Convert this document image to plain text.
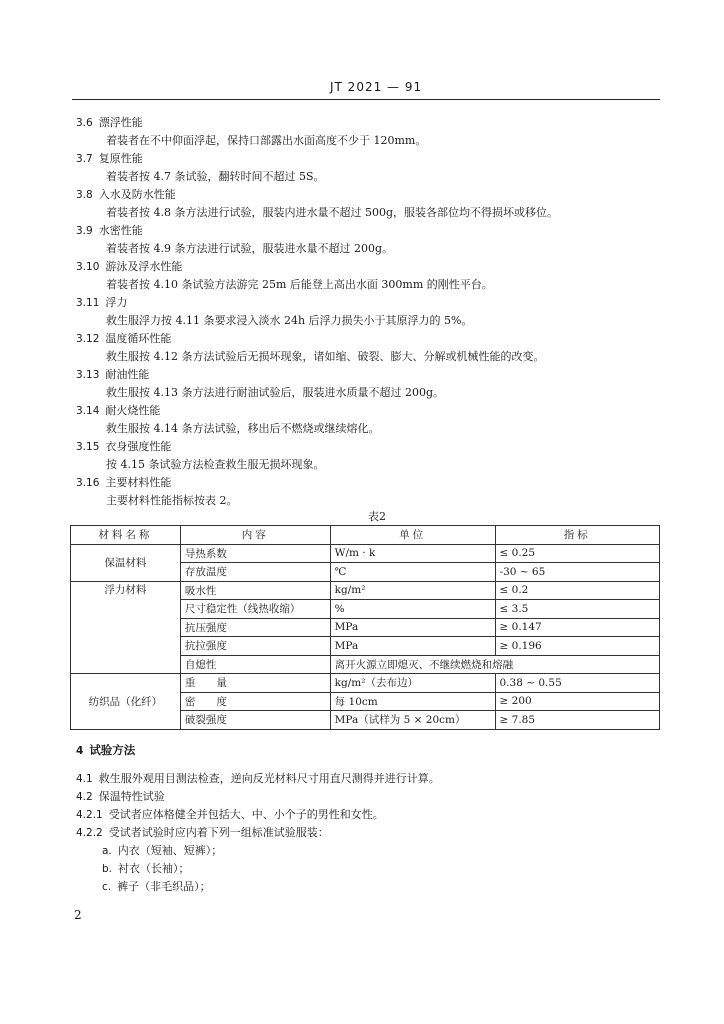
JT 2021 — 91
3.6 漂浮性能
着装者在不中仰面浮起，保持口部露出水面高度不少于 120mm。
3.7 复原性能
着装者按 4.7 条试验，翻转时间不超过 5S。
3.8 入水及防水性能
着装者按 4.8 条方法进行试验，服装内进水量不超过 500g，服装各部位均不得损坏或移位。
3.9 水密性能
着装者按 4.9 条方法进行试验，服装进水量不超过 200g。
3.10 游泳及浮水性能
着装者按 4.10 条试验方法游完 25m 后能登上高出水面 300mm 的刚性平台。
3.11 浮力
救生服浮力按 4.11 条要求浸入淡水 24h 后浮力损失小于其原浮力的 5%。
3.12 温度循环性能
救生服按 4.12 条方法试验后无损坏现象，诸如缩、破裂、膨大、分解或机械性能的改变。
3.13 耐油性能
救生服按 4.13 条方法进行耐油试验后，服装进水质量不超过 200g。
3.14 耐火烧性能
救生服按 4.14 条方法试验，移出后不燃烧或继续熔化。
3.15 衣身强度性能
按 4.15 条试验方法检查救生服无损坏现象。
3.16 主要材料性能
主要材料性能指标按表 2。
表2
材料名称	内容	单位	指标
保温材料	导热系数	W/m · k	≤ 0.25
	存放温度	℃	-30 ~ 65
浮力材料	吸水性	kg/m²	≤ 0.2
	尺寸稳定性（线热收缩）	%	≤ 3.5
	抗压强度	MPa	≥ 0.147
	抗拉强度	MPa	≥ 0.196
	自熄性	离开火源立即熄灭、不继续燃烧和熔融	
纺织品（化纤）	重　　量	kg/m²（去布边）	0.38 ~ 0.55
	密　　度	每 10cm	≥ 200
	破裂强度	MPa（试样为 5 × 20cm）	≥ 7.85
4 试验方法
4.1 救生服外观用目测法检查，逆向反光材料尺寸用直尺测得并进行计算。
4.2 保温特性试验
4.2.1 受试者应体格健全并包括大、中、小个子的男性和女性。
4.2.2 受试者试验时应内着下列一组标准试验服装：
a. 内衣（短袖、短裤）；
b. 衬衣（长袖）；
c. 裤子（非毛织品）；
2
